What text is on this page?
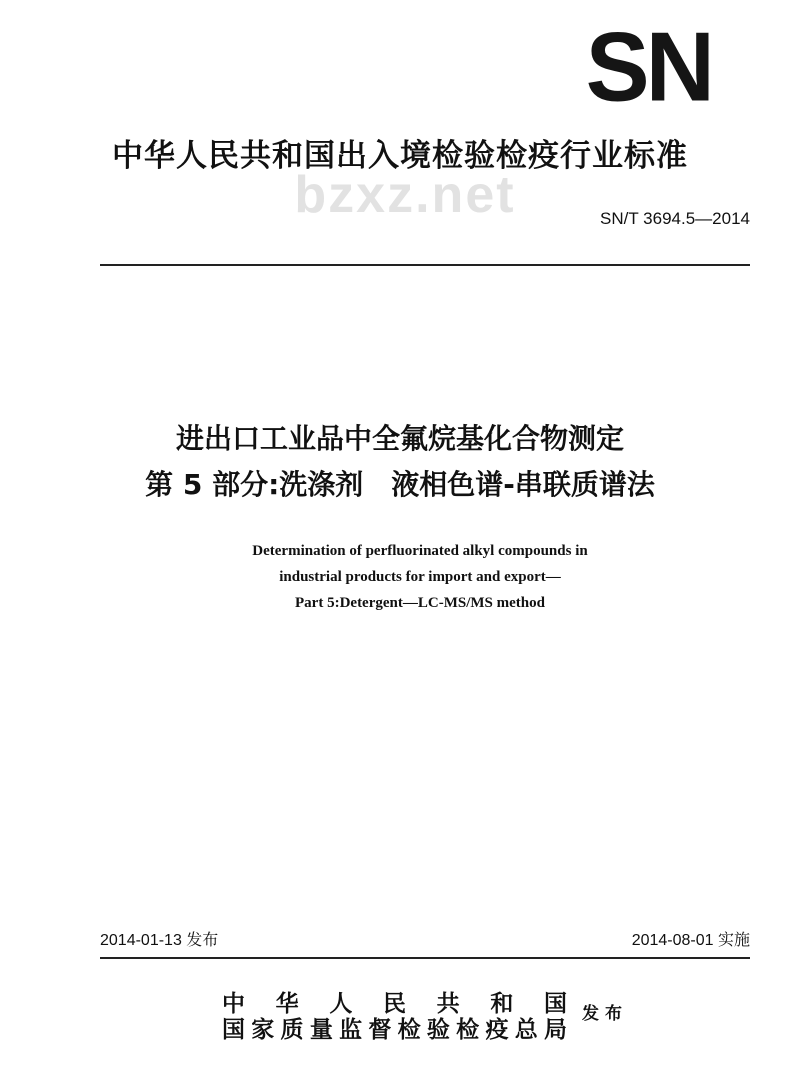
SN
中华人民共和国出入境检验检疫行业标准
bzxz.net	SN/T 3694.5—2014
进出口工业品中全氟烷基化合物测定
第 5 部分:洗涤剂　液相色谱-串联质谱法
Determination of perfluorinated alkyl compounds in
industrial products for import and export—
Part 5:Detergent—LC-MS/MS method
2014-01-13 发布	2014-08-01 实施
中华人民共和国
国家质量监督检验检疫总局
发布
